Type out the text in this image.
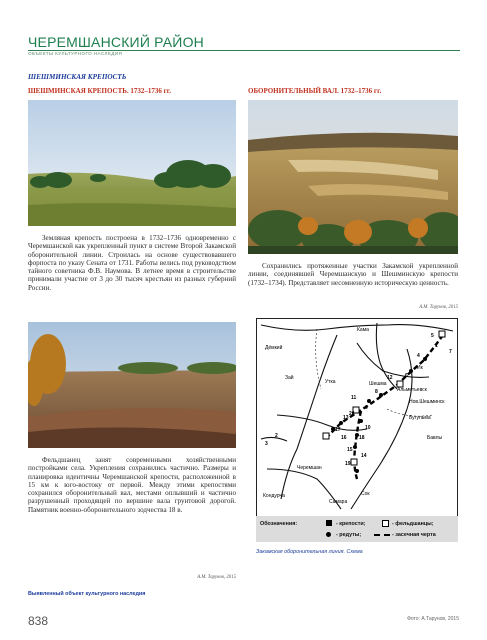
ЧЕРЕМШАНСКИЙ РАЙОН
ОБЪЕКТЫ КУЛЬТУРНОГО НАСЛЕДИЯ
ШЕШМИНСКАЯ КРЕПОСТЬ
ШЕШМИНСКАЯ КРЕПОСТЬ. 1732–1736 гг.
Земляная крепость построена в 1732–1736 одновременно с Черемшанской как укрепленный пункт в системе Второй Закамской оборонительной линии. Строилась на основе существовавшего форпоста по указу Сената от 1731. Работы велись под руководством тайного советника Ф.В. Наумова. В летнее время в строительстве принимали участие от 3 до 30 тысяч крестьян из разных губерний России.
Фельдшанец занят современными хозяйственными постройками села. Укрепления сохранились частично. Размеры и планировка идентичны Черемшанской крепости, расположенной в 15 км к юго-востоку от первой. Между этими крепостями сохранился оборонительный вал, местами оплывший и частично разрушенный проходящей по вершине вала грунтовой дорогой. Памятник военно-оборонительного зодчества 18 в.
А.М. Тарунов, 2015
Выявленный объект культурного наследия
ОБОРОНИТЕЛЬНЫЙ ВАЛ. 1732–1736 гг.
Сохранились протяженные участки Закамской укрепленной линии, соединявшей Черемшанскую и Шешминскую крепости (1732–1734). Представляет несомненную историческую ценность.
А.М. Тарунов, 2015
Дёмкий
Кама
Ик
Зай
Утка	Шешма
Черемшан
Бугульма
Альметьевск
Самара
Сок
Кондурча
Нов.Шешминск
Бавлы
1
2
3
4
5
6
7
8
9
10
11
12
13
14
15
16
17
18
19
20
Обозначения:	- крепости;	- фельдшанцы;
- редуты;	- засечная черта
Закамская оборонительная линия. Схема
838	Фото: А.Тарунов, 2015
